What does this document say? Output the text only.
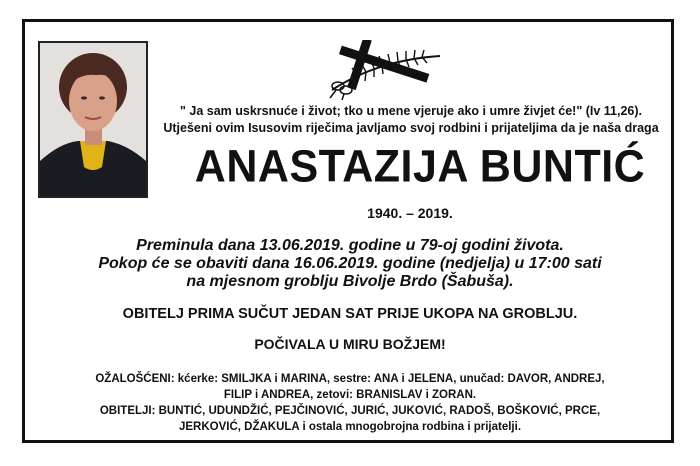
" Ja sam uskrsnuće i život; tko u mene vjeruje ako i umre živjet će!" (Iv 11,26).
Utješeni ovim Isusovim riječima javljamo svoj rodbini i prijateljima da je naša draga
ANASTAZIJA BUNTIĆ
1940. – 2019.
Preminula dana 13.06.2019. godine u 79-oj godini života.
Pokop će se obaviti dana 16.06.2019. godine (nedjelja) u 17:00 sati
na mjesnom groblju Bivolje Brdo (Šabuša).
OBITELJ PRIMA SUČUT JEDAN SAT PRIJE UKOPA NA GROBLJU.
POČIVALA U MIRU BOŽJEM!
OŽALOŠĆENI: kćerke: SMILJKA i MARINA, sestre: ANA i JELENA, unučad: DAVOR, ANDREJ,
FILIP i ANDREA, zetovi: BRANISLAV i ZORAN.
OBITELJI: BUNTIĆ, UDUNDŽIĆ, PEJČINOVIĆ, JURIĆ, JUKOVIĆ, RADOŠ, BOŠKOVIĆ, PRCE,
JERKOVIĆ, DŽAKULA i ostala mnogobrojna rodbina i prijatelji.
